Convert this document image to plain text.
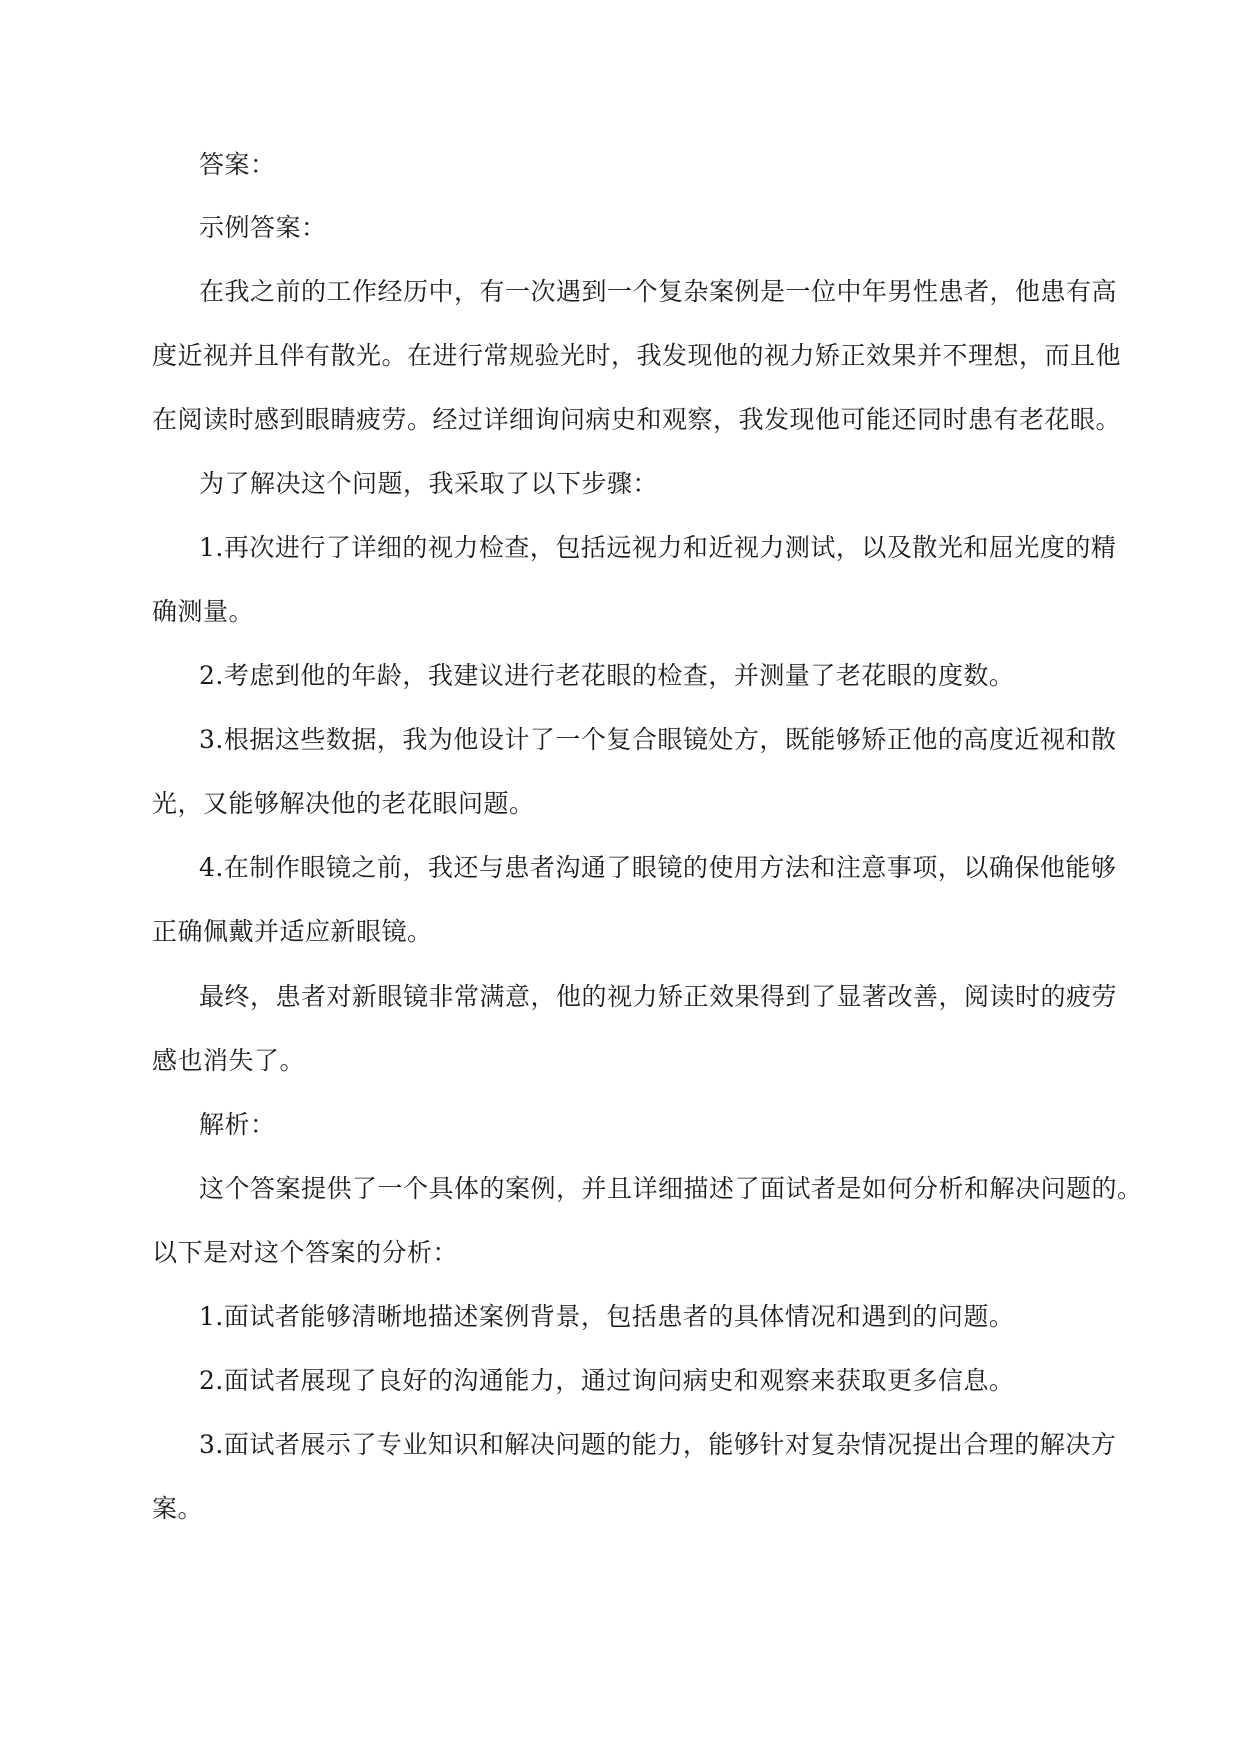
答案：
示例答案：
在我之前的工作经历中，有一次遇到一个复杂案例是一位中年男性患者，他患有高
度近视并且伴有散光。在进行常规验光时，我发现他的视力矫正效果并不理想，而且他
在阅读时感到眼睛疲劳。经过详细询问病史和观察，我发现他可能还同时患有老花眼。
为了解决这个问题，我采取了以下步骤：
1.再次进行了详细的视力检查，包括远视力和近视力测试，以及散光和屈光度的精
确测量。
2.考虑到他的年龄，我建议进行老花眼的检查，并测量了老花眼的度数。
3.根据这些数据，我为他设计了一个复合眼镜处方，既能够矫正他的高度近视和散
光，又能够解决他的老花眼问题。
4.在制作眼镜之前，我还与患者沟通了眼镜的使用方法和注意事项，以确保他能够
正确佩戴并适应新眼镜。
最终，患者对新眼镜非常满意，他的视力矫正效果得到了显著改善，阅读时的疲劳
感也消失了。
解析：
这个答案提供了一个具体的案例，并且详细描述了面试者是如何分析和解决问题的。
以下是对这个答案的分析：
1.面试者能够清晰地描述案例背景，包括患者的具体情况和遇到的问题。
2.面试者展现了良好的沟通能力，通过询问病史和观察来获取更多信息。
3.面试者展示了专业知识和解决问题的能力，能够针对复杂情况提出合理的解决方
案。
